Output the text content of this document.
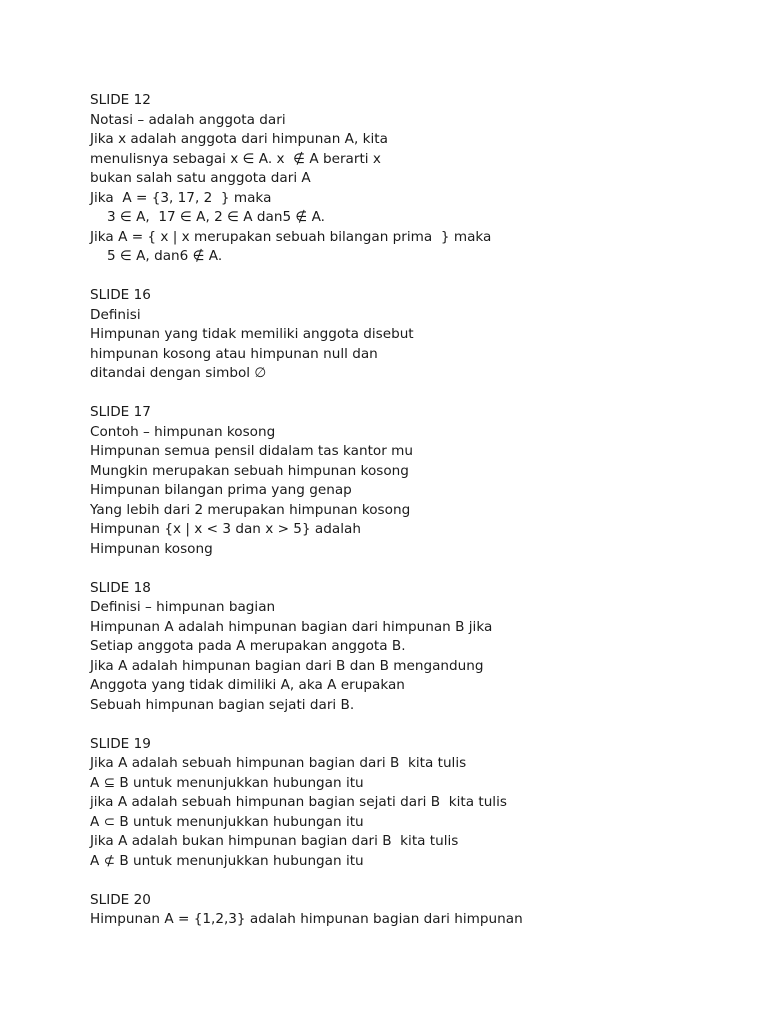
SLIDE 12
Notasi – adalah anggota dari
Jika x adalah anggota dari himpunan A, kita
menulisnya sebagai x ∈ A. x  ∉ A berarti x
bukan salah satu anggota dari A
Jika  A = {3, 17, 2  } maka
3 ∈ A,  17 ∈ A, 2 ∈ A dan5 ∉ A.
Jika A = { x | x merupakan sebuah bilangan prima  } maka
5 ∈ A, dan6 ∉ A.
SLIDE 16
Definisi
Himpunan yang tidak memiliki anggota disebut
himpunan kosong atau himpunan null dan
ditandai dengan simbol ∅
SLIDE 17
Contoh – himpunan kosong
Himpunan semua pensil didalam tas kantor mu
Mungkin merupakan sebuah himpunan kosong
Himpunan bilangan prima yang genap
Yang lebih dari 2 merupakan himpunan kosong
Himpunan {x | x < 3 dan x > 5} adalah
Himpunan kosong
SLIDE 18
Definisi – himpunan bagian
Himpunan A adalah himpunan bagian dari himpunan B jika
Setiap anggota pada A merupakan anggota B.
Jika A adalah himpunan bagian dari B dan B mengandung
Anggota yang tidak dimiliki A, aka A erupakan
Sebuah himpunan bagian sejati dari B.
SLIDE 19
Jika A adalah sebuah himpunan bagian dari B  kita tulis
A ⊆ B untuk menunjukkan hubungan itu
jika A adalah sebuah himpunan bagian sejati dari B  kita tulis
A ⊂ B untuk menunjukkan hubungan itu
Jika A adalah bukan himpunan bagian dari B  kita tulis
A ⊄ B untuk menunjukkan hubungan itu
SLIDE 20
Himpunan A = {1,2,3} adalah himpunan bagian dari himpunan
